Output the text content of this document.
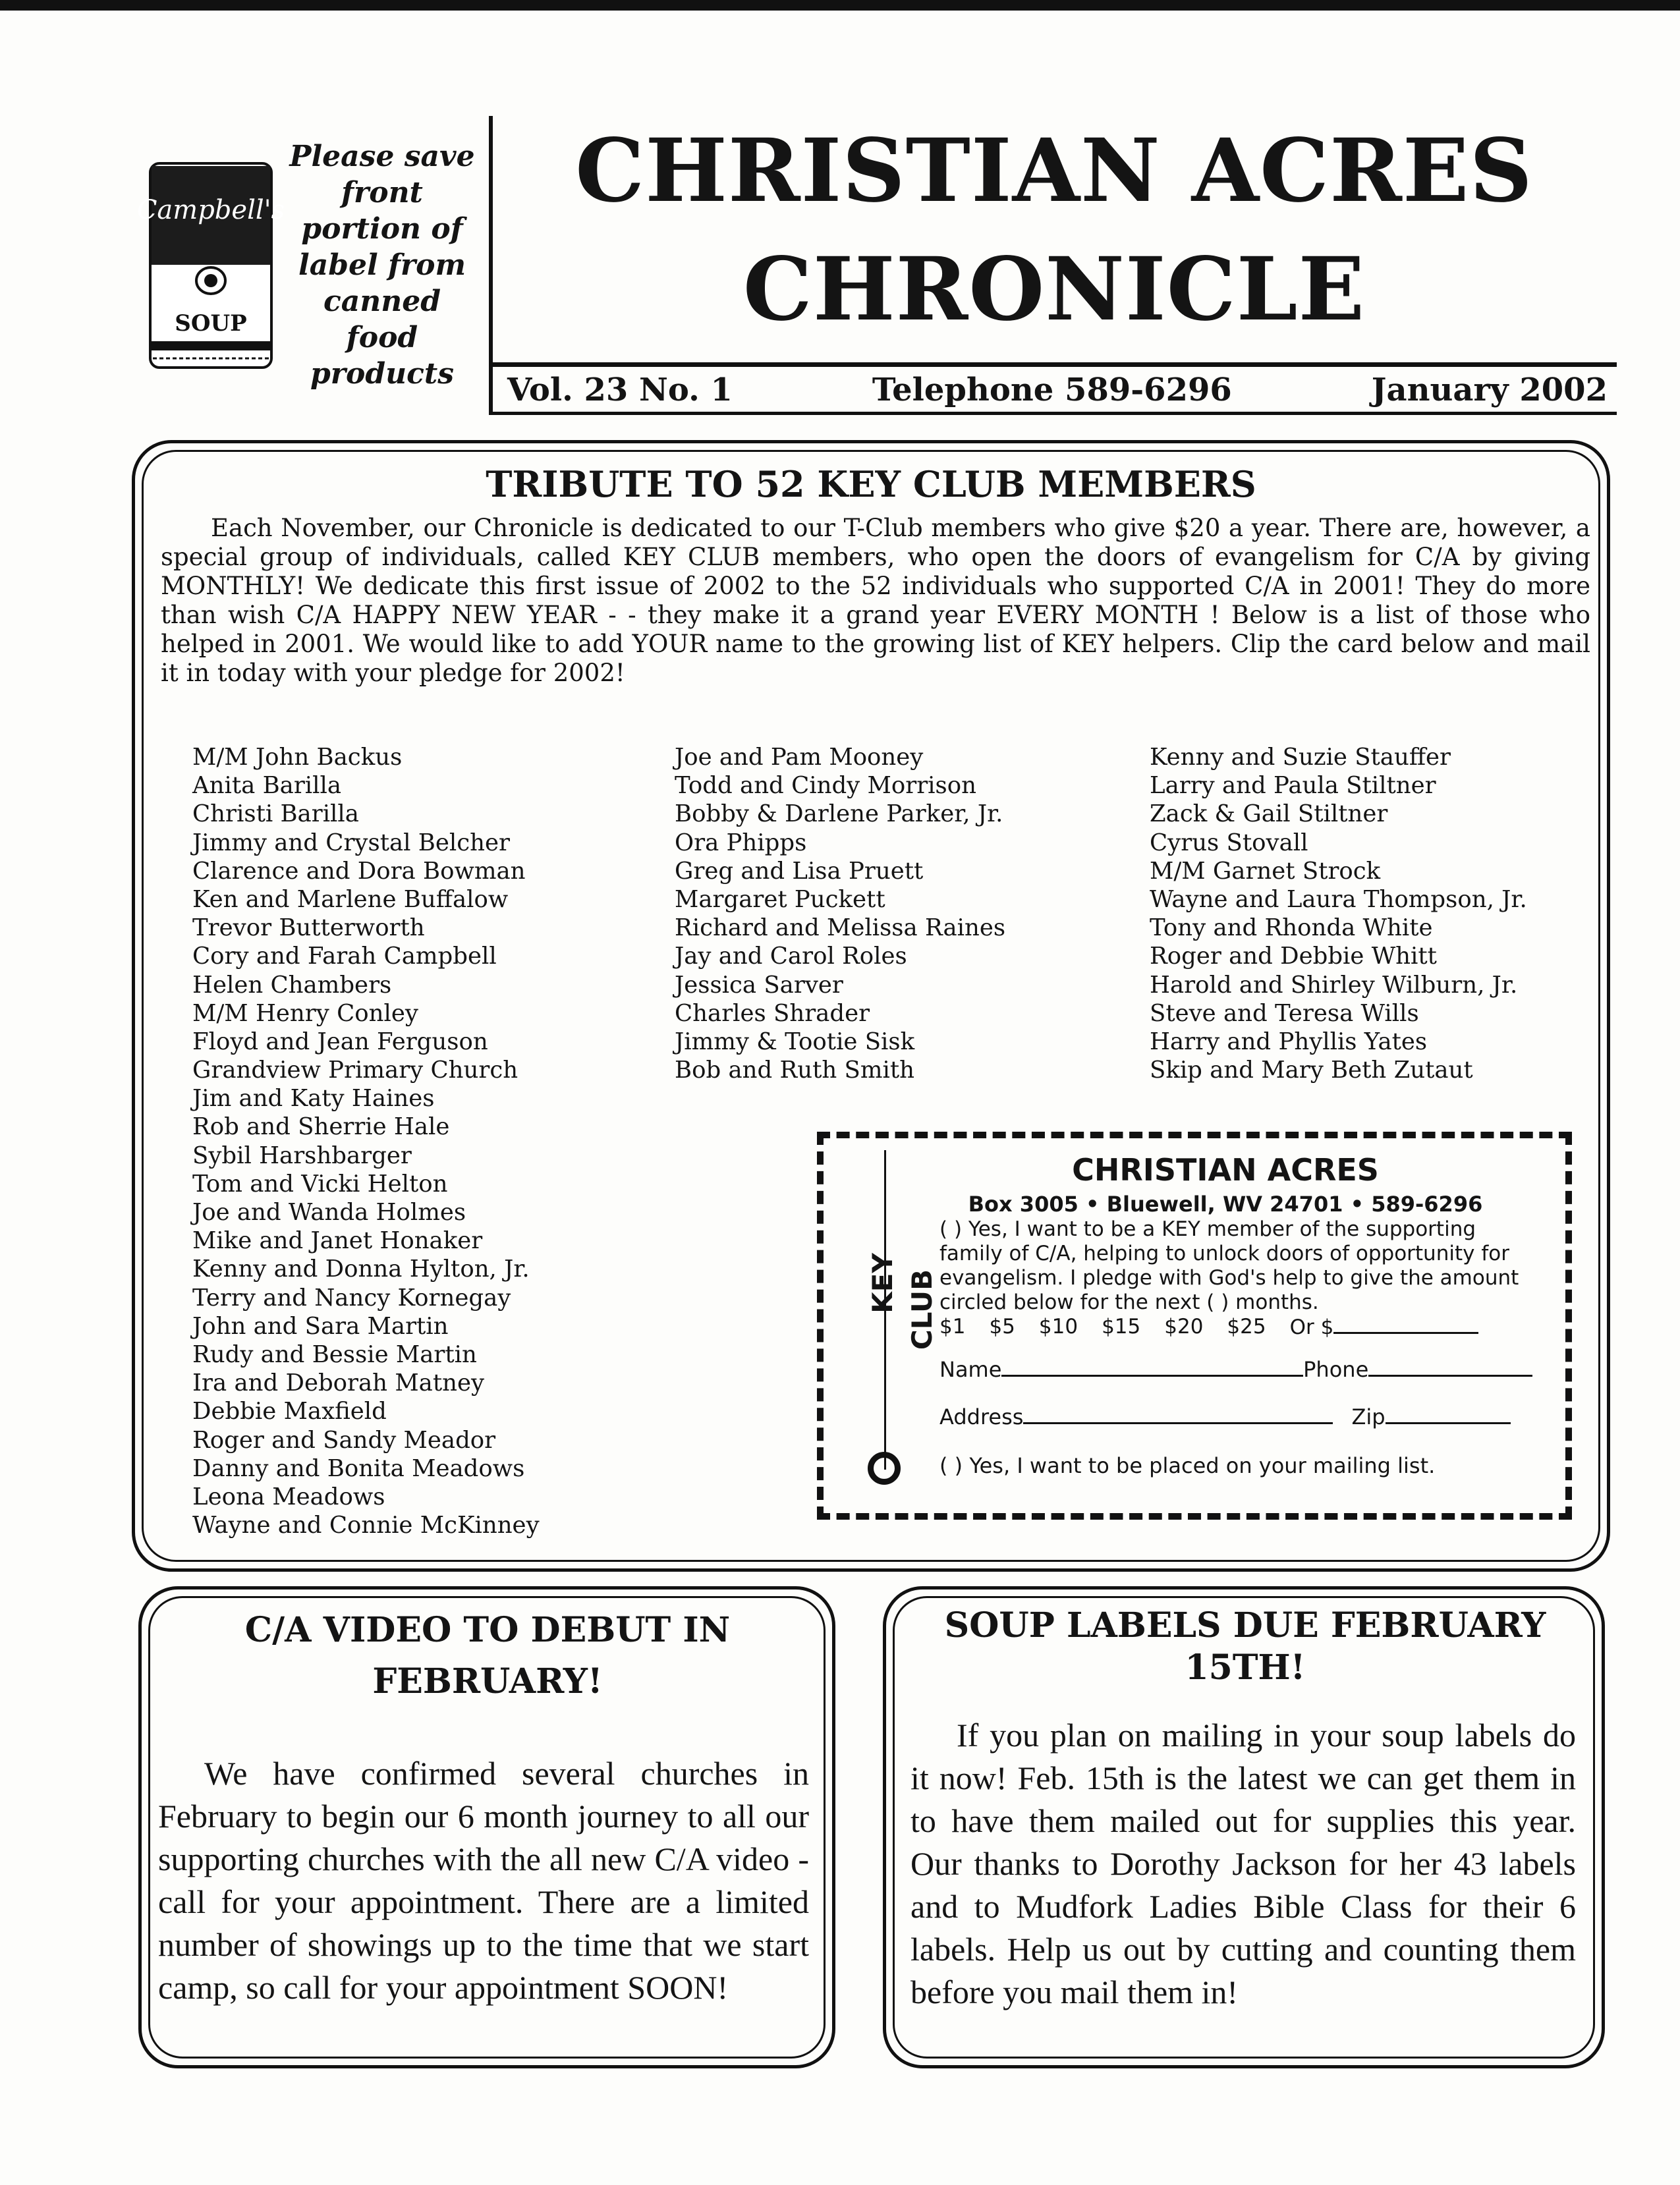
Campbell's
SOUP
Please save
front
portion of
label from
canned
food
products
CHRISTIAN ACRES
CHRONICLE
Vol. 23 No. 1	Telephone 589-6296	January 2002
TRIBUTE TO 52 KEY CLUB MEMBERS
Each November, our Chronicle is dedicated to our T-Club members who give $20 a year. There are, however, a special group of individuals, called KEY CLUB members, who open the doors of evangelism for C/A by giving MONTHLY! We dedicate this first issue of 2002 to the 52 individuals who supported C/A in 2001! They do more than wish C/A HAPPY NEW YEAR - - they make it a grand year EVERY MONTH ! Below is a list of those who helped in 2001. We would like to add YOUR name to the growing list of KEY helpers. Clip the card below and mail it in today with your pledge for 2002!
M/M John Backus
Anita Barilla
Christi Barilla
Jimmy and Crystal Belcher
Clarence and Dora Bowman
Ken and Marlene Buffalow
Trevor Butterworth
Cory and Farah Campbell
Helen Chambers
M/M Henry Conley
Floyd and Jean Ferguson
Grandview Primary Church
Jim and Katy Haines
Rob and Sherrie Hale
Sybil Harshbarger
Tom and Vicki Helton
Joe and Wanda Holmes
Mike and Janet Honaker
Kenny and Donna Hylton, Jr.
Terry and Nancy Kornegay
John and Sara Martin
Rudy and Bessie Martin
Ira and Deborah Matney
Debbie Maxfield
Roger and Sandy Meador
Danny and Bonita Meadows
Leona Meadows
Wayne and Connie McKinney
Joe and Pam Mooney
Todd and Cindy Morrison
Bobby & Darlene Parker, Jr.
Ora Phipps
Greg and Lisa Pruett
Margaret Puckett
Richard and Melissa Raines
Jay and Carol Roles
Jessica Sarver
Charles Shrader
Jimmy & Tootie Sisk
Bob and Ruth Smith
Kenny and Suzie Stauffer
Larry and Paula Stiltner
Zack & Gail Stiltner
Cyrus Stovall
M/M Garnet Strock
Wayne and Laura Thompson, Jr.
Tony and Rhonda White
Roger and Debbie Whitt
Harold and Shirley Wilburn, Jr.
Steve and Teresa Wills
Harry and Phyllis Yates
Skip and Mary Beth Zutaut
KEY CLUB
CHRISTIAN ACRES
Box 3005 • Bluewell, WV 24701 • 589-6296

( ) Yes, I want to be a KEY member of the supporting

family of C/A, helping to unlock doors of opportunity for

evangelism. I pledge with God's help to give the amount

circled below for the next ( ) months.

$1 $5 $10 $15 $20 $25 Or $
Name	Phone
Address	Zip
( ) Yes, I want to be placed on your mailing list.
C/A VIDEO TO DEBUT IN
FEBRUARY!
We have confirmed several churches in February to begin our 6 month journey to all our supporting churches with the all new C/A video - call for your appointment. There are a limited number of showings up to the time that we start camp, so call for your appointment SOON!
SOUP LABELS DUE FEBRUARY
15TH!
If you plan on mailing in your soup labels do it now! Feb. 15th is the latest we can get them in to have them mailed out for supplies this year. Our thanks to Dorothy Jackson for her 43 labels and to Mudfork Ladies Bible Class for their 6 labels. Help us out by cutting and counting them before you mail them in!
